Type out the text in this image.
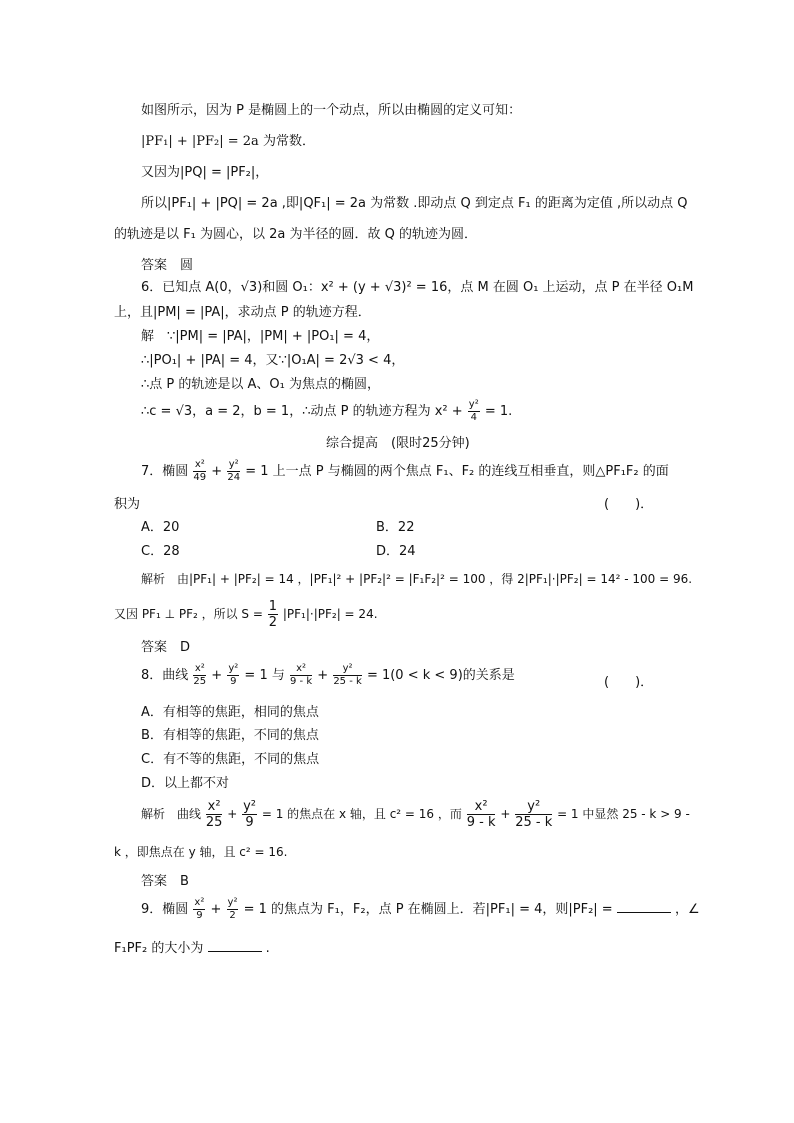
如图所示，因为 P 是椭圆上的一个动点，所以由椭圆的定义可知：
|PF₁| + |PF₂| = 2a 为常数．
又因为|PQ| = |PF₂|，
所以|PF₁| + |PQ| = 2a ,即|QF₁| = 2a 为常数 .即动点 Q 到定点 F₁ 的距离为定值 ,所以动点 Q
的轨迹是以 F₁ 为圆心，以 2a 为半径的圆．故 Q 的轨迹为圆．
答案　圆
6．已知点 A(0，√3)和圆 O₁：x² + (y + √3)² = 16，点 M 在圆 O₁ 上运动，点 P 在半径 O₁M
上，且|PM| = |PA|，求动点 P 的轨迹方程．
解　∵|PM| = |PA|，|PM| + |PO₁| = 4，
∴|PO₁| + |PA| = 4，又∵|O₁A| = 2√3 < 4，
∴点 P 的轨迹是以 A、O₁ 为焦点的椭圆，
∴c = √3，a = 2，b = 1，∴动点 P 的轨迹方程为 $x^2 + \frac{\text{y²}}{4} = 1$.
综合提高　(限时25分钟)
7．椭圆 $\frac{\text{x²}}{49} + \frac{\text{y²}}{24} = 1$ 上一点 P 与椭圆的两个焦点 F₁、F₂ 的连线互相垂直，则△PF₁F₂ 的面
积为	(　　)．
A．20	B．22
C．28	D．24
解析　由|PF₁| + |PF₂| = 14 ，|PF₁|² + |PF₂|² = |F₁F₂|² = 100 ，得 2|PF₁|·|PF₂| = 14² - 100 = 96.
又因 PF₁ ⊥ PF₂ ，所以 $S = \frac{1}{2} |PF_1|\cdot|PF_2| = 24$.
答案　D
8．曲线 $\frac{\text{x²}}{25} + \frac{\text{y²}}{9} = 1$ 与 $\frac{\text{x²}}{9 - k} + \frac{\text{y²}}{25 - k} = 1(0 < k < 9)$的关系是	(　　)．
A．有相等的焦距，相同的焦点
B．有相等的焦距，不同的焦点
C．有不等的焦距，不同的焦点
D．以上都不对
解析　曲线 $\frac{\text{x²}}{25} + \frac{\text{y²}}{9} = 1$ 的焦点在 x 轴，且 c² = 16 ，而 $\frac{\text{x²}}{9 - k} + \frac{\text{y²}}{25 - k} = 1$ 中显然 25 - k > 9 -
k ，即焦点在 y 轴，且 c² = 16.
答案　B
9．椭圆 $\frac{\text{x²}}{9} + \frac{\text{y²}}{2} = 1$ 的焦点为 F₁，F₂，点 P 在椭圆上．若|PF₁| = 4，则|PF₂| =	，∠
F₁PF₂ 的大小为	.
